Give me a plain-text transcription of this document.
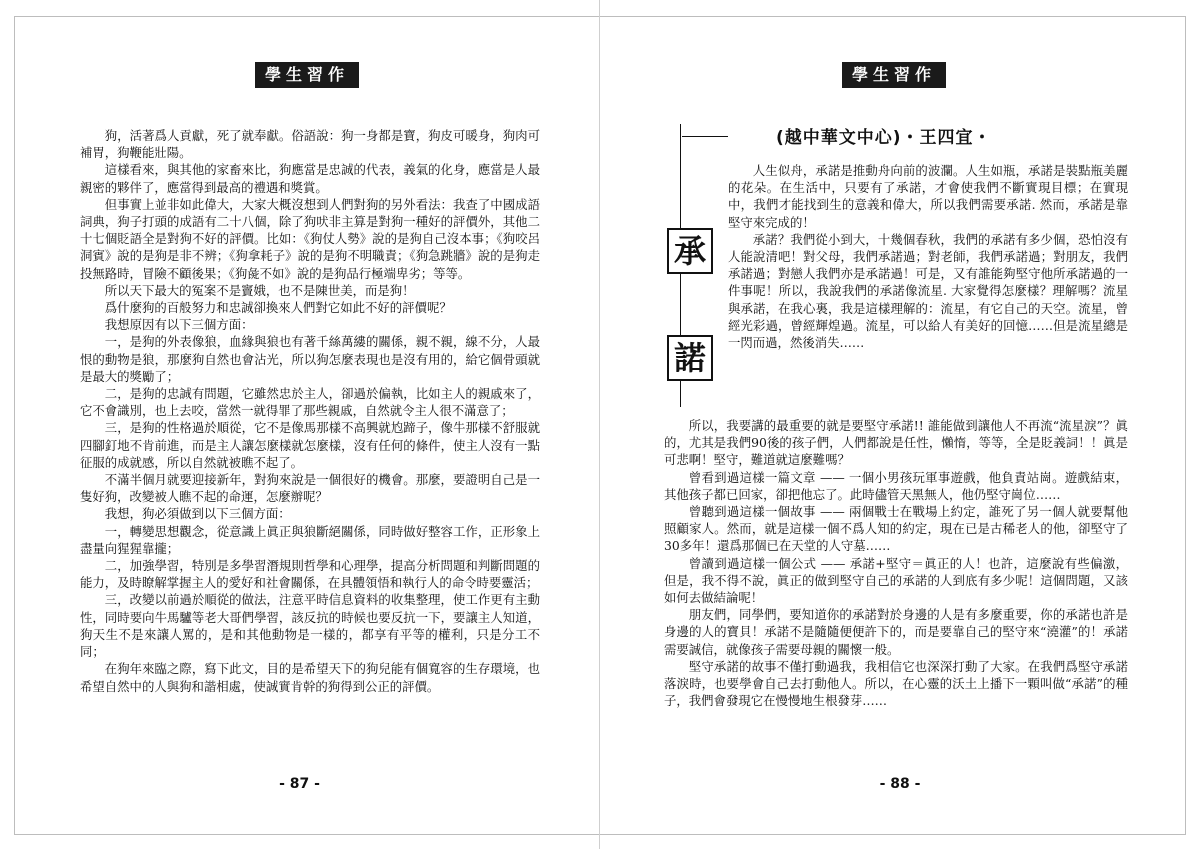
學生習作

狗，活著爲人貢獻，死了就奉獻。俗語說：狗一身都是寶，狗皮可暖身，狗肉可補胃，狗鞭能壯陽。

這樣看來，與其他的家畜來比，狗應當是忠誠的代表，義氣的化身，應當是人最親密的夥伴了，應當得到最高的禮遇和獎賞。

但事實上並非如此偉大，大家大概沒想到人們對狗的另外看法：我查了中國成語詞典，狗子打頭的成語有二十八個，除了狗吠非主算是對狗一種好的評價外，其他二十七個貶語全是對狗不好的評價。比如：《狗仗人勢》說的是狗自己沒本事；《狗咬呂洞賓》說的是狗是非不辨；《狗拿耗子》說的是狗不明職責；《狗急跳牆》說的是狗走投無路時，冒險不顧後果；《狗彘不如》說的是狗品行極端卑劣；等等。

所以天下最大的冤案不是竇娥，也不是陳世美，而是狗！

爲什麼狗的百般努力和忠誠卻換來人們對它如此不好的評價呢？

我想原因有以下三個方面：

一，是狗的外表像狼，血緣與狼也有著千絲萬縷的關係，親不親，線不分，人最恨的動物是狼，那麼狗自然也會沾光，所以狗怎麼表現也是沒有用的，給它個骨頭就是最大的獎勵了；

二，是狗的忠誠有問題，它雖然忠於主人，卻過於偏執，比如主人的親戚來了，它不會識別，也上去咬，當然一就得罪了那些親戚，自然就令主人很不滿意了；

三，是狗的性格過於順從，它不是像馬那樣不高興就尥蹄子，像牛那樣不舒服就四腳釘地不肯前進，而是主人讓怎麼樣就怎麼樣，沒有任何的條件，使主人沒有一點征服的成就感，所以自然就被瞧不起了。

不滿半個月就要迎接新年，對狗來說是一個很好的機會。那麼，要證明自己是一隻好狗，改變被人瞧不起的命運，怎麼辦呢？

我想，狗必須做到以下三個方面：

一，轉變思想觀念，從意識上眞正與狼斷絕關係，同時做好整容工作，正形象上盡量向猩猩靠攏；

二，加強學習，特別是多學習潛規則哲學和心理學，提高分析問題和判斷問題的能力，及時瞭解掌握主人的愛好和社會關係，在具體領悟和執行人的命令時要靈活；

三，改變以前過於順從的做法，注意平時信息資料的收集整理，使工作更有主動性，同時要向牛馬驢等老大哥們學習，該反抗的時候也要反抗一下，要讓主人知道，狗天生不是來讓人罵的，是和其他動物是一樣的，都享有平等的權利，只是分工不同；

在狗年來臨之際，寫下此文，目的是希望天下的狗兒能有個寬容的生存環境，也希望自然中的人與狗和諧相處，使誠實肯幹的狗得到公正的評價。

- 87 -
學生習作
(越中華文中心)・王四宜・
承
諾

人生似舟，承諾是推動舟向前的波瀾。人生如瓶，承諾是裝點瓶美麗的花朵。在生活中，只要有了承諾，才會使我們不斷實現目標；在實現中，我們才能找到生的意義和偉大，所以我們需要承諾. 然而，承諾是靠堅守來完成的！

承諾？我們從小到大，十幾個春秋，我們的承諾有多少個，恐怕沒有人能說清吧！對父母，我們承諾過；對老師，我們承諾過；對朋友，我們承諾過；對戀人我們亦是承諾過！可是，又有誰能夠堅守他所承諾過的一件事呢！所以，我說我們的承諾像流星. 大家覺得怎麼樣？理解嗎？流星與承諾，在我心裏，我是這樣理解的：流星，有它自己的天空。流星，曾經光彩過，曾經輝煌過。流星，可以給人有美好的回憶……但是流星總是一閃而過，然後消失……

所以，我要講的最重要的就是要堅守承諾!! 誰能做到讓他人不再流“流星淚”？眞的，尤其是我們90後的孩子們，人們都說是任性，懶惰，等等，全是貶義詞！！眞是可悲啊！堅守，難道就這麼難嗎？

曾看到過這樣一篇文章 —— 一個小男孩玩軍事遊戲，他負責站崗。遊戲結束，其他孩子都已回家，卻把他忘了。此時儘管天黑無人，他仍堅守崗位……

曾聽到過這樣一個故事 —— 兩個戰士在戰場上約定，誰死了另一個人就要幫他照顧家人。然而，就是這樣一個不爲人知的約定，現在已是古稀老人的他，卻堅守了30多年！還爲那個已在天堂的人守墓……

曾讀到過這樣一個公式 —— 承諾+堅守＝眞正的人！也許，這麼說有些偏激，但是，我不得不說，眞正的做到堅守自己的承諾的人到底有多少呢！這個問題，又該如何去做結論呢！

朋友們，同學們，要知道你的承諾對於身邊的人是有多麼重要，你的承諾也許是身邊的人的寶貝！承諾不是隨隨便便許下的，而是要靠自己的堅守來“澆灌”的！承諾需要誠信，就像孩子需要母親的關懷一般。

堅守承諾的故事不僅打動過我，我相信它也深深打動了大家。在我們爲堅守承諾落淚時，也要學會自己去打動他人。所以，在心靈的沃土上播下一顆叫做“承諾”的種子，我們會發現它在慢慢地生根發芽……

- 88 -
